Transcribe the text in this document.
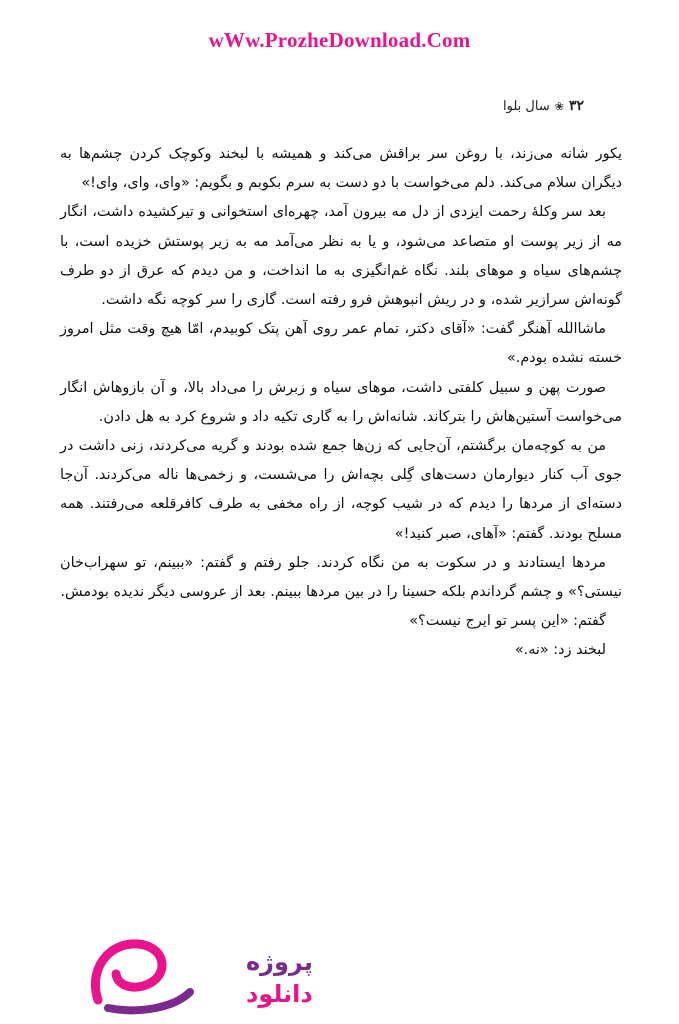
wWw.ProzheDownload.Com
۳۲
❀
سال بلوا

یکور شانه می‌زند، با روغن سر براقش می‌کند و همیشه با لبخند وکوچک کردن چشم‌ها به دیگران سلام می‌کند. دلم می‌خواست با دو دست به سرم بکوبم و بگویم: «وای، وای، وای!»

بعد سر وکلهٔ رحمت ایزدی از دل مه بیرون آمد، چهره‌ای استخوانی و تیرکشیده داشت، انگار مه از زیر پوست او متصاعد می‌شود، و یا به نظر می‌آمد مه به زیر پوستش خزیده است، با چشم‌های سیاه و موهای بلند. نگاه غم‌انگیزی به ما انداخت، و من دیدم که عرق از دو طرف گونه‌اش سرازیر شده، و در ریش انبوهش فرو رفته است. گاری را سر کوچه نگه داشت.

ماشاالله آهنگر گفت: «آقای دکتر، تمام عمر روی آهن پتک کوبیدم، امّا هیچ وقت مثل امروز خسته نشده بودم.»

صورت پهن و سبیل کلفتی داشت، موهای سیاه و زبرش را می‌داد بالا، و آن بازوهاش انگار می‌خواست آستین‌هاش را بترکاند. شانه‌اش را به گاری تکیه داد و شروع کرد به هل دادن.

من به کوچه‌مان برگشتم، آن‌جایی که زن‌ها جمع شده بودند و گریه می‌کردند، زنی داشت در جوی آب کنار دیوارمان دست‌های گِلی بچه‌اش را می‌شست، و زخمی‌ها ناله می‌کردند. آن‌جا دسته‌ای از مردها را دیدم که در شیب کوچه، از راه مخفی به طرف کافرقلعه می‌رفتند. همه مسلح بودند. گفتم: «آهای، صبر کنید!»

مردها ایستادند و در سکوت به من نگاه کردند. جلو رفتم و گفتم: «ببینم، تو سهراب‌خان نیستی؟» و چشم گرداندم بلکه حسینا را در بین مردها ببینم. بعد از عروسی دیگر ندیده بودمش.

گفتم: «این پسر تو ایرج نیست؟»

لبخند زد: «نه.»

پروژه
دانلود
